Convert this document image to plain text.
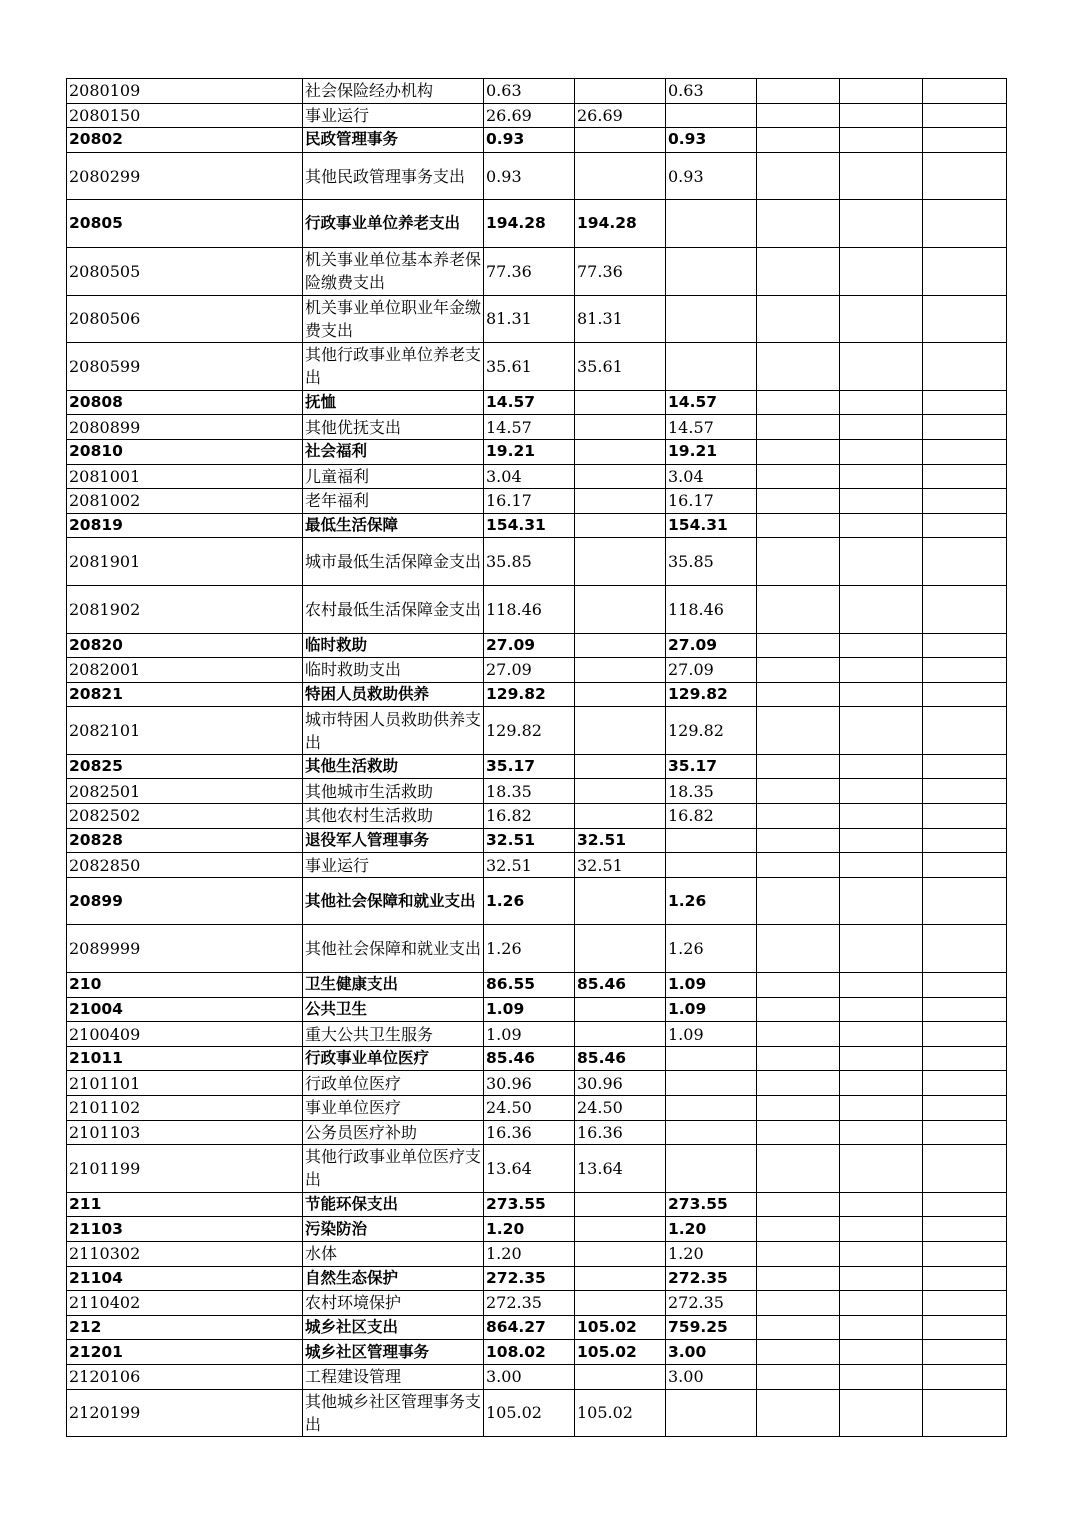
2080109	社会保险经办机构	0.63		0.63			
2080150	事业运行	26.69	26.69				
20802	民政管理事务	0.93		0.93			
2080299	其他民政管理事务支出	0.93		0.93			
20805	行政事业单位养老支出	194.28	194.28				
2080505	机关事业单位基本养老保险缴费支出	77.36	77.36				
2080506	机关事业单位职业年金缴费支出	81.31	81.31				
2080599	其他行政事业单位养老支出	35.61	35.61				
20808	抚恤	14.57		14.57			
2080899	其他优抚支出	14.57		14.57			
20810	社会福利	19.21		19.21			
2081001	儿童福利	3.04		3.04			
2081002	老年福利	16.17		16.17			
20819	最低生活保障	154.31		154.31			
2081901	城市最低生活保障金支出	35.85		35.85			
2081902	农村最低生活保障金支出	118.46		118.46			
20820	临时救助	27.09		27.09			
2082001	临时救助支出	27.09		27.09			
20821	特困人员救助供养	129.82		129.82			
2082101	城市特困人员救助供养支出	129.82		129.82			
20825	其他生活救助	35.17		35.17			
2082501	其他城市生活救助	18.35		18.35			
2082502	其他农村生活救助	16.82		16.82			
20828	退役军人管理事务	32.51	32.51				
2082850	事业运行	32.51	32.51				
20899	其他社会保障和就业支出	1.26		1.26			
2089999	其他社会保障和就业支出	1.26		1.26			
210	卫生健康支出	86.55	85.46	1.09			
21004	公共卫生	1.09		1.09			
2100409	重大公共卫生服务	1.09		1.09			
21011	行政事业单位医疗	85.46	85.46				
2101101	行政单位医疗	30.96	30.96				
2101102	事业单位医疗	24.50	24.50				
2101103	公务员医疗补助	16.36	16.36				
2101199	其他行政事业单位医疗支出	13.64	13.64				
211	节能环保支出	273.55		273.55			
21103	污染防治	1.20		1.20			
2110302	水体	1.20		1.20			
21104	自然生态保护	272.35		272.35			
2110402	农村环境保护	272.35		272.35			
212	城乡社区支出	864.27	105.02	759.25			
21201	城乡社区管理事务	108.02	105.02	3.00			
2120106	工程建设管理	3.00		3.00			
2120199	其他城乡社区管理事务支出	105.02	105.02				
